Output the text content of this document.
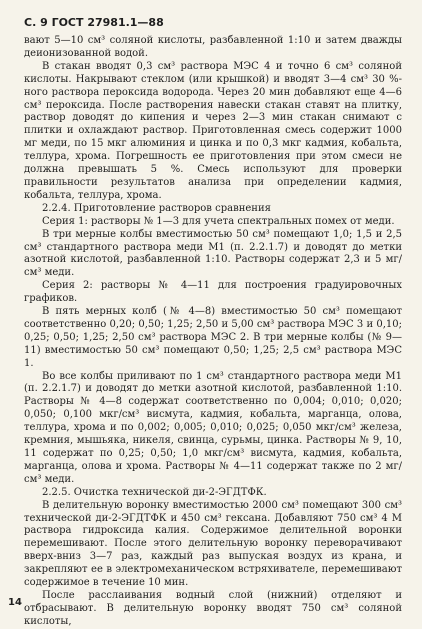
С. 9 ГОСТ 27981.1—88

вают 5—10 см³ соляной кислоты, разбавленной 1:10 и затем дважды деионизованной водой.

В стакан вводят 0,3 см³ раствора МЭС 4 и точно 6 см³ соляной кислоты. Накрывают стеклом (или крышкой) и вводят 3—4 см³ 30 %-ного раствора пероксида водорода. Через 20 мин добавляют еще 4—6 см³ пероксида. После растворения навески стакан ставят на плитку, раствор доводят до кипения и через 2—3 мин стакан снимают с плитки и охлаждают раствор. Приготовленная смесь содержит 1000 мг меди, по 15 мкг алюминия и цинка и по 0,3 мкг кадмия, кобальта, теллура, хрома. Погрешность ее приготовления при этом смеси не должна превышать 5 %. Смесь используют для проверки правильности результатов анализа при определении кадмия, кобальта, теллура, хрома.

2.2.4. Приготовление растворов сравнения

Серия 1: растворы № 1—3 для учета спектральных помех от меди.

В три мерные колбы вместимостью 50 см³ помещают 1,0; 1,5 и 2,5 см³ стандартного раствора меди М1 (п. 2.2.1.7) и доводят до метки азотной кислотой, разбавленной 1:10. Растворы содержат 2,3 и 5 мг/см³ меди.

Серия 2: растворы № 4—11 для построения градуировочных графиков.

В пять мерных колб (№ 4—8) вместимостью 50 см³ помещают соответственно 0,20; 0,50; 1,25; 2,50 и 5,00 см³ раствора МЭС 3 и 0,10; 0,25; 0,50; 1,25; 2,50 см³ раствора МЭС 2. В три мерные колбы (№ 9—11) вместимостью 50 см³ помещают 0,50; 1,25; 2,5 см³ раствора МЭС 1.

Во все колбы приливают по 1 см³ стандартного раствора меди М1 (п. 2.2.1.7) и доводят до метки азотной кислотой, разбавленной 1:10. Растворы № 4—8 содержат соответственно по 0,004; 0,010; 0,020; 0,050; 0,100 мкг/см³ висмута, кадмия, кобальта, марганца, олова, теллура, хрома и по 0,002; 0,005; 0,010; 0,025; 0,050 мкг/см³ железа, кремния, мышьяка, никеля, свинца, сурьмы, цинка. Растворы № 9, 10, 11 содержат по 0,25; 0,50; 1,0 мкг/см³ висмута, кадмия, кобальта, марганца, олова и хрома. Растворы № 4—11 содержат также по 2 мг/см³ меди.

2.2.5. Очистка технической ди-2-ЭГДТФК.

В делительную воронку вместимостью 2000 см³ помещают 300 см³ технической ди-2-ЭГДТФК и 450 см³ гексана. Добавляют 750 см³ 4 М раствора гидроксида калия. Содержимое делительной воронки перемешивают. После этого делительную воронку переворачивают вверх-вниз 3—7 раз, каждый раз выпуская воздух из крана, и закрепляют ее в электромеханическом встряхивателе, перемешивают содержимое в течение 10 мин.

После расслаивания водный слой (нижний) отделяют и отбрасывают. В делительную воронку вводят 750 см³ соляной кислоты,

14
